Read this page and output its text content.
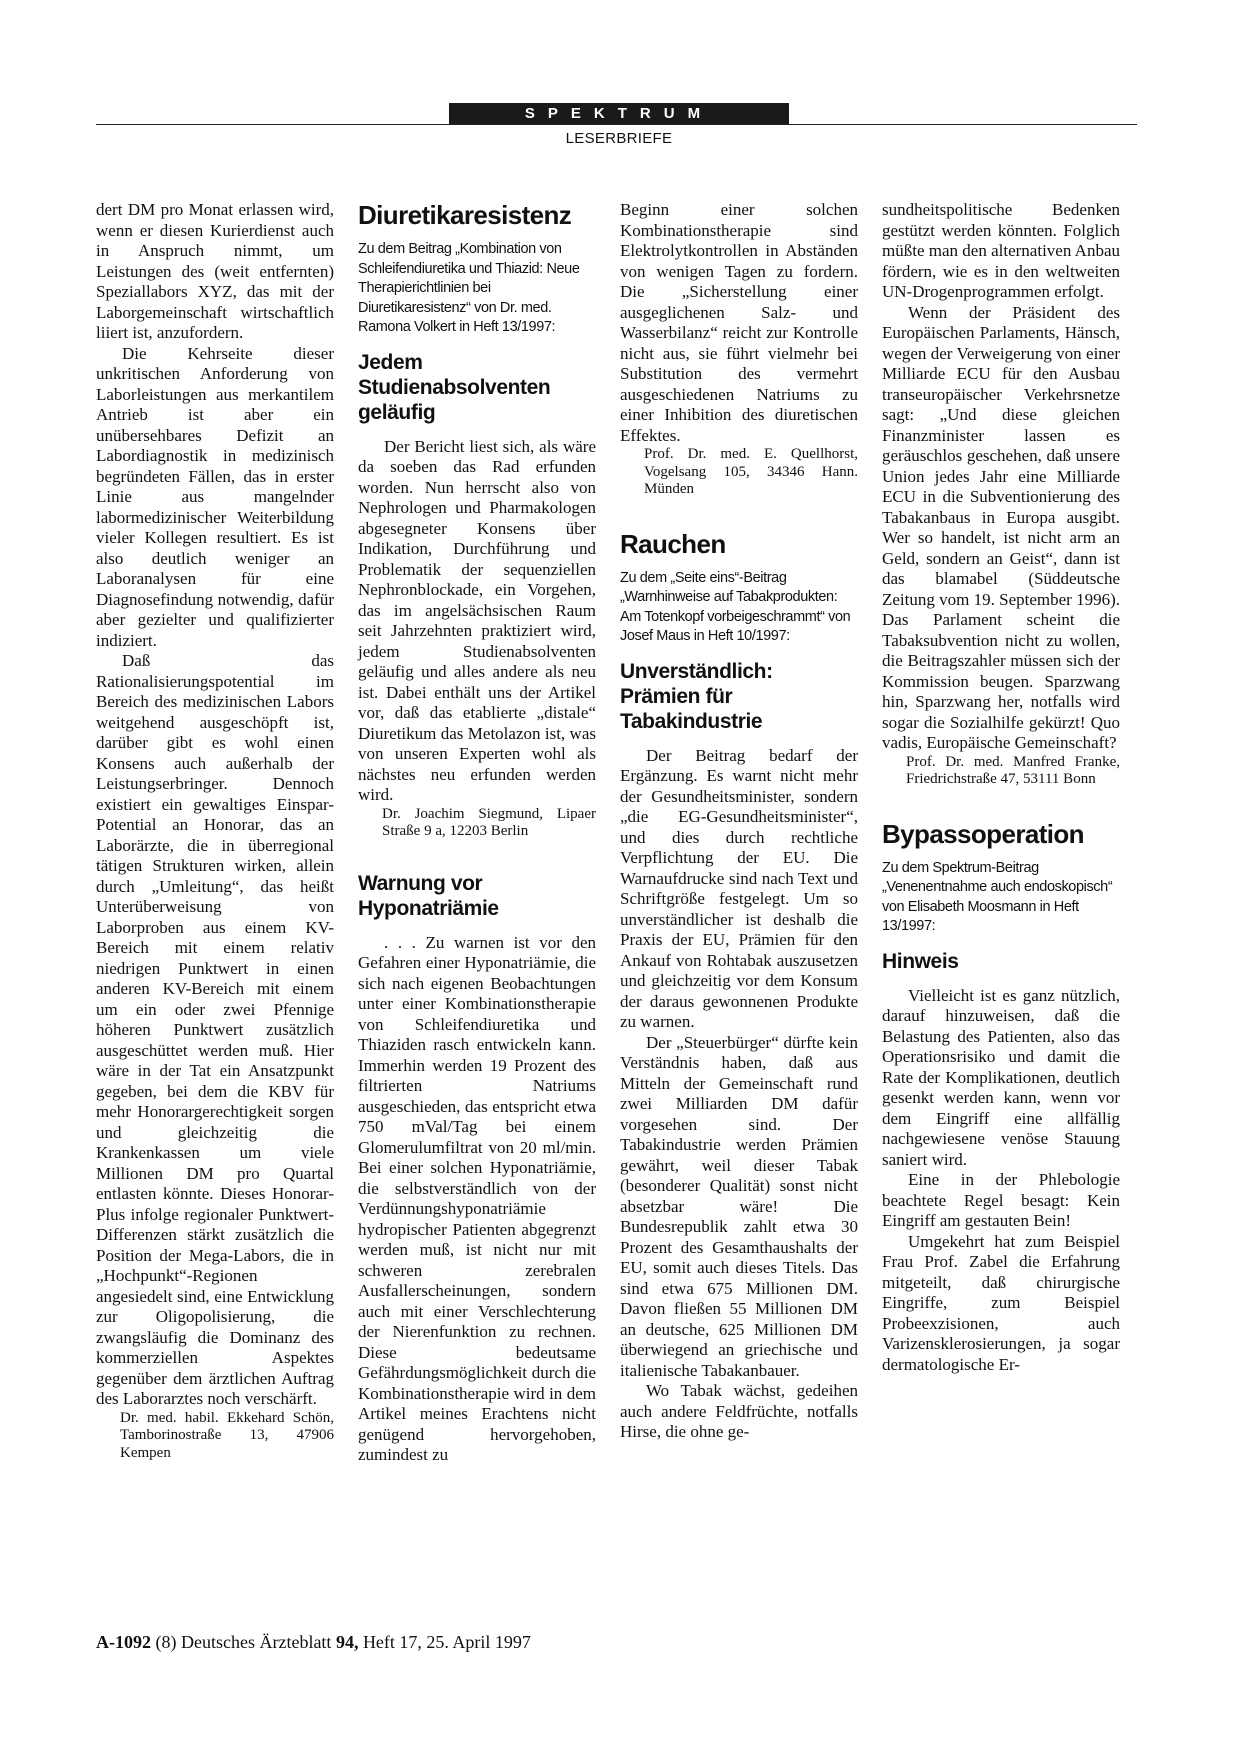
SPEKTRUM
LESERBRIEFE

dert DM pro Monat erlassen wird, wenn er diesen Kurierdienst auch in Anspruch nimmt, um Leistungen des (weit entfernten) Speziallabors XYZ, das mit der Laborgemeinschaft wirtschaftlich liiert ist, anzufordern.

Die Kehrseite dieser unkritischen Anforderung von Laborleistungen aus merkantilem Antrieb ist aber ein unübersehbares Defizit an Labordiagnostik in medizinisch begründeten Fällen, das in erster Linie aus mangelnder labormedizinischer Weiterbildung vieler Kollegen resultiert. Es ist also deutlich weniger an Laboranalysen für eine Diagnosefindung notwendig, dafür aber gezielter und qualifizierter indiziert.

Daß das Rationalisierungspotential im Bereich des medizinischen Labors weitgehend ausgeschöpft ist, darüber gibt es wohl einen Konsens auch außerhalb der Leistungserbringer. Dennoch existiert ein gewaltiges Einspar-Potential an Honorar, das an Laborärzte, die in überregional tätigen Strukturen wirken, allein durch „Umleitung“, das heißt Unterüberweisung von Laborproben aus einem KV-Bereich mit einem relativ niedrigen Punktwert in einen anderen KV-Bereich mit einem um ein oder zwei Pfennige höheren Punktwert zusätzlich ausgeschüttet werden muß. Hier wäre in der Tat ein Ansatzpunkt gegeben, bei dem die KBV für mehr Honorargerechtigkeit sorgen und gleichzeitig die Krankenkassen um viele Millionen DM pro Quartal entlasten könnte. Dieses Honorar-Plus infolge regionaler Punktwert-Differenzen stärkt zusätzlich die Position der Mega-Labors, die in „Hochpunkt“-Regionen angesiedelt sind, eine Entwicklung zur Oligopolisierung, die zwangsläufig die Dominanz des kommerziellen Aspektes gegenüber dem ärztlichen Auftrag des Laborarztes noch verschärft.

Dr. med. habil. Ekkehard Schön, Tamborinostraße 13, 47906 Kempen

Diuretikaresistenz
Zu dem Beitrag „Kombination von Schleifendiuretika und Thiazid: Neue Therapierichtlinien bei Diuretikaresistenz“ von Dr. med. Ramona Volkert in Heft 13/1997:
Jedem Studienabsolventen geläufig

Der Bericht liest sich, als wäre da soeben das Rad erfunden worden. Nun herrscht also von Nephrologen und Pharmakologen abgesegneter Konsens über Indikation, Durchführung und Problematik der sequenziellen Nephronblockade, ein Vorgehen, das im angelsächsischen Raum seit Jahrzehnten praktiziert wird, jedem Studienabsolventen geläufig und alles andere als neu ist. Dabei enthält uns der Artikel vor, daß das etablierte „distale“ Diuretikum das Metolazon ist, was von unseren Experten wohl als nächstes neu erfunden werden wird.

Dr. Joachim Siegmund, Lipaer Straße 9 a, 12203 Berlin

Warnung vor Hyponatriämie

. . . Zu warnen ist vor den Gefahren einer Hyponatriämie, die sich nach eigenen Beobachtungen unter einer Kombinationstherapie von Schleifendiuretika und Thiaziden rasch entwickeln kann. Immerhin werden 19 Prozent des filtrierten Natriums ausgeschieden, das entspricht etwa 750 mVal/Tag bei einem Glomerulumfiltrat von 20 ml/min. Bei einer solchen Hyponatriämie, die selbstverständlich von der Verdünnungshyponatriämie hydropischer Patienten abgegrenzt werden muß, ist nicht nur mit schweren zerebralen Ausfallerscheinungen, sondern auch mit einer Verschlechterung der Nierenfunktion zu rechnen. Diese bedeutsame Gefährdungsmöglichkeit durch die Kombinationstherapie wird in dem Artikel meines Erachtens nicht genügend hervorgehoben, zumindest zu

Beginn einer solchen Kombinationstherapie sind Elektrolytkontrollen in Abständen von wenigen Tagen zu fordern. Die „Sicherstellung einer ausgeglichenen Salz- und Wasserbilanz“ reicht zur Kontrolle nicht aus, sie führt vielmehr bei Substitution des vermehrt ausgeschiedenen Natriums zu einer Inhibition des diuretischen Effektes.

Prof. Dr. med. E. Quellhorst, Vogelsang 105, 34346 Hann. Münden

Rauchen
Zu dem „Seite eins“-Beitrag „Warnhinweise auf Tabakprodukten: Am Totenkopf vorbeigeschrammt“ von Josef Maus in Heft 10/1997:
Unverständlich: Prämien für Tabakindustrie

Der Beitrag bedarf der Ergänzung. Es warnt nicht mehr der Gesundheitsminister, sondern „die EG-Gesundheitsminister“, und dies durch rechtliche Verpflichtung der EU. Die Warnaufdrucke sind nach Text und Schriftgröße festgelegt. Um so unverständlicher ist deshalb die Praxis der EU, Prämien für den Ankauf von Rohtabak auszusetzen und gleichzeitig vor dem Konsum der daraus gewonnenen Produkte zu warnen.

Der „Steuerbürger“ dürfte kein Verständnis haben, daß aus Mitteln der Gemeinschaft rund zwei Milliarden DM dafür vorgesehen sind. Der Tabakindustrie werden Prämien gewährt, weil dieser Tabak (besonderer Qualität) sonst nicht absetzbar wäre! Die Bundesrepublik zahlt etwa 30 Prozent des Gesamthaushalts der EU, somit auch dieses Titels. Das sind etwa 675 Millionen DM. Davon fließen 55 Millionen DM an deutsche, 625 Millionen DM überwiegend an griechische und italienische Tabakanbauer.

Wo Tabak wächst, gedeihen auch andere Feldfrüchte, notfalls Hirse, die ohne ge-

sundheitspolitische Bedenken gestützt werden könnten. Folglich müßte man den alternativen Anbau fördern, wie es in den weltweiten UN-Drogenprogrammen erfolgt.

Wenn der Präsident des Europäischen Parlaments, Hänsch, wegen der Verweigerung von einer Milliarde ECU für den Ausbau transeuropäischer Verkehrsnetze sagt: „Und diese gleichen Finanzminister lassen es geräuschlos geschehen, daß unsere Union jedes Jahr eine Milliarde ECU in die Subventionierung des Tabakanbaus in Europa ausgibt. Wer so handelt, ist nicht arm an Geld, sondern an Geist“, dann ist das blamabel (Süddeutsche Zeitung vom 19. September 1996). Das Parlament scheint die Tabaksubvention nicht zu wollen, die Beitragszahler müssen sich der Kommission beugen. Sparzwang hin, Sparzwang her, notfalls wird sogar die Sozialhilfe gekürzt! Quo vadis, Europäische Gemeinschaft?

Prof. Dr. med. Manfred Franke, Friedrichstraße 47, 53111 Bonn

Bypassoperation
Zu dem Spektrum-Beitrag „Venenentnahme auch endoskopisch“ von Elisabeth Moosmann in Heft 13/1997:
Hinweis

Vielleicht ist es ganz nützlich, darauf hinzuweisen, daß die Belastung des Patienten, also das Operationsrisiko und damit die Rate der Komplikationen, deutlich gesenkt werden kann, wenn vor dem Eingriff eine allfällig nachgewiesene venöse Stauung saniert wird.

Eine in der Phlebologie beachtete Regel besagt: Kein Eingriff am gestauten Bein!

Umgekehrt hat zum Beispiel Frau Prof. Zabel die Erfahrung mitgeteilt, daß chirurgische Eingriffe, zum Beispiel Probeexzisionen, auch Varizensklerosierungen, ja sogar dermatologische Er-

A-1092 (8) Deutsches Ärzteblatt 94, Heft 17, 25. April 1997
